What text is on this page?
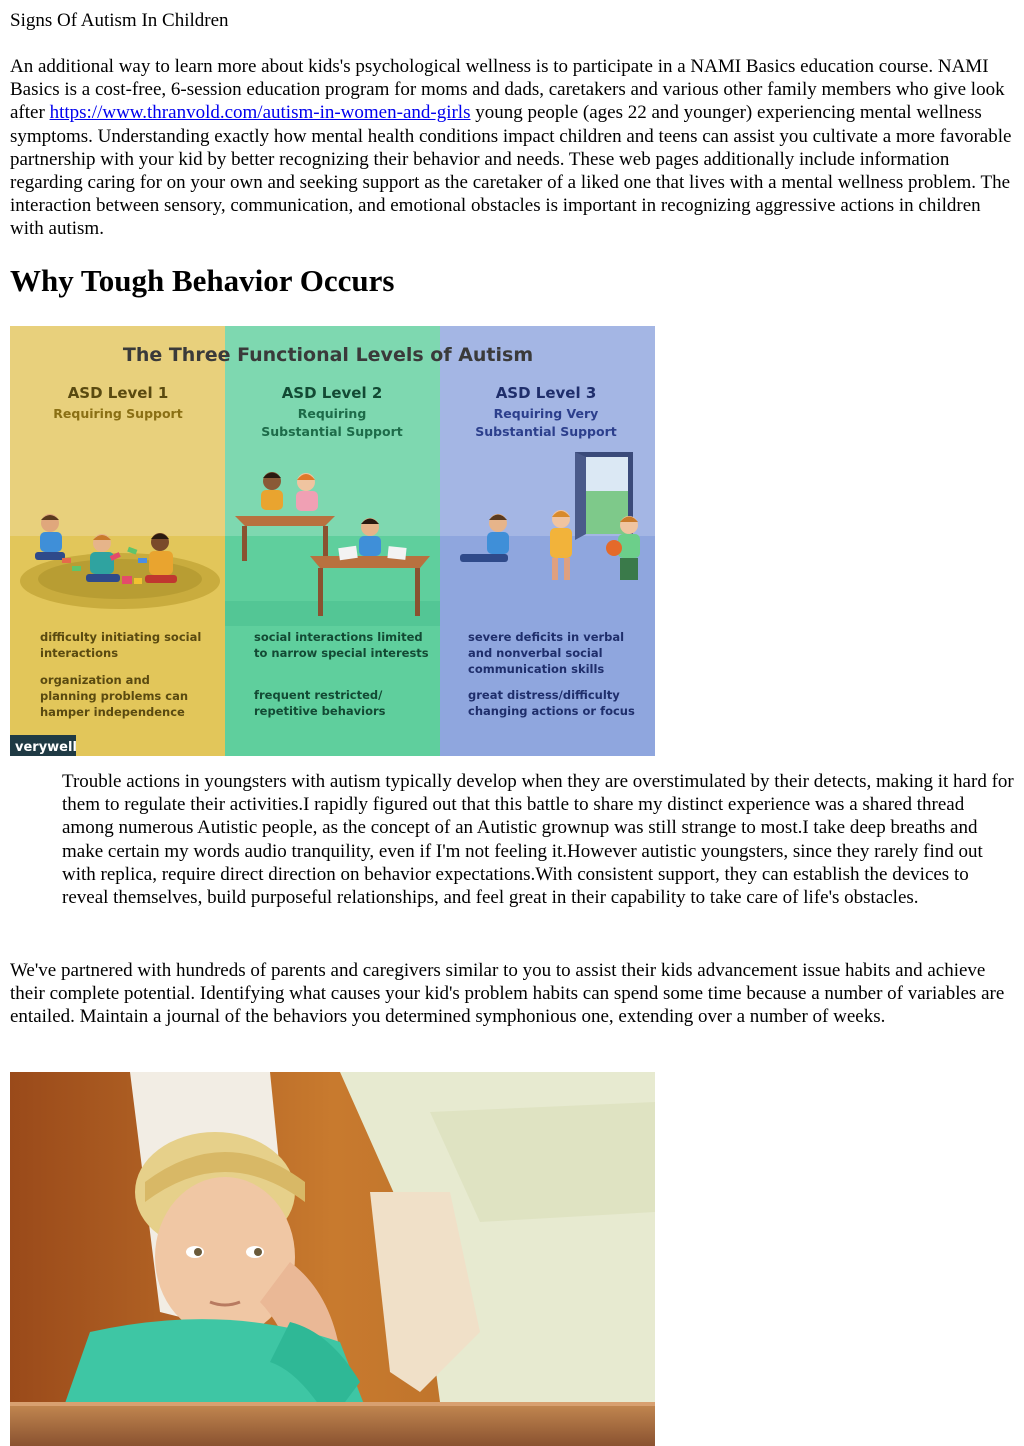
Signs Of Autism In Children

An additional way to learn more about kids's psychological wellness is to participate in a NAMI Basics education course. NAMI Basics is a cost-free, 6-session education program for moms and dads, caretakers and various other family members who give look after https://www.thranvold.com/autism-in-women-and-girls young people (ages 22 and younger) experiencing mental wellness symptoms. Understanding exactly how mental health conditions impact children and teens can assist you cultivate a more favorable partnership with your kid by better recognizing their behavior and needs. These web pages additionally include information regarding caring for on your own and seeking support as the caretaker of a liked one that lives with a mental wellness problem. The interaction between sensory, communication, and emotional obstacles is important in recognizing aggressive actions in children with autism.

Why Tough Behavior Occurs
The Three Functional Levels of Autism
ASD Level 1
Requiring Support
ASD Level 2
Requiring
Substantial Support
ASD Level 3
Requiring Very
Substantial Support
difficulty initiating social
interactions
organization and
planning problems can
hamper independence
social interactions limited
to narrow special interests
frequent restricted/
repetitive behaviors
severe deficits in verbal
and nonverbal social
communication skills
great distress/difficulty
changing actions or focus
verywell

Trouble actions in youngsters with autism typically develop when they are overstimulated by their detects, making it hard for them to regulate their activities.I rapidly figured out that this battle to share my distinct experience was a shared thread among numerous Autistic people, as the concept of an Autistic grownup was still strange to most.I take deep breaths and make certain my words audio tranquility, even if I'm not feeling it.However autistic youngsters, since they rarely find out with replica, require direct direction on behavior expectations.With consistent support, they can establish the devices to reveal themselves, build purposeful relationships, and feel great in their capability to take care of life's obstacles.

We've partnered with hundreds of parents and caregivers similar to you to assist their kids advancement issue habits and achieve their complete potential. Identifying what causes your kid's problem habits can spend some time because a number of variables are entailed. Maintain a journal of the behaviors you determined symphonious one, extending over a number of weeks.
